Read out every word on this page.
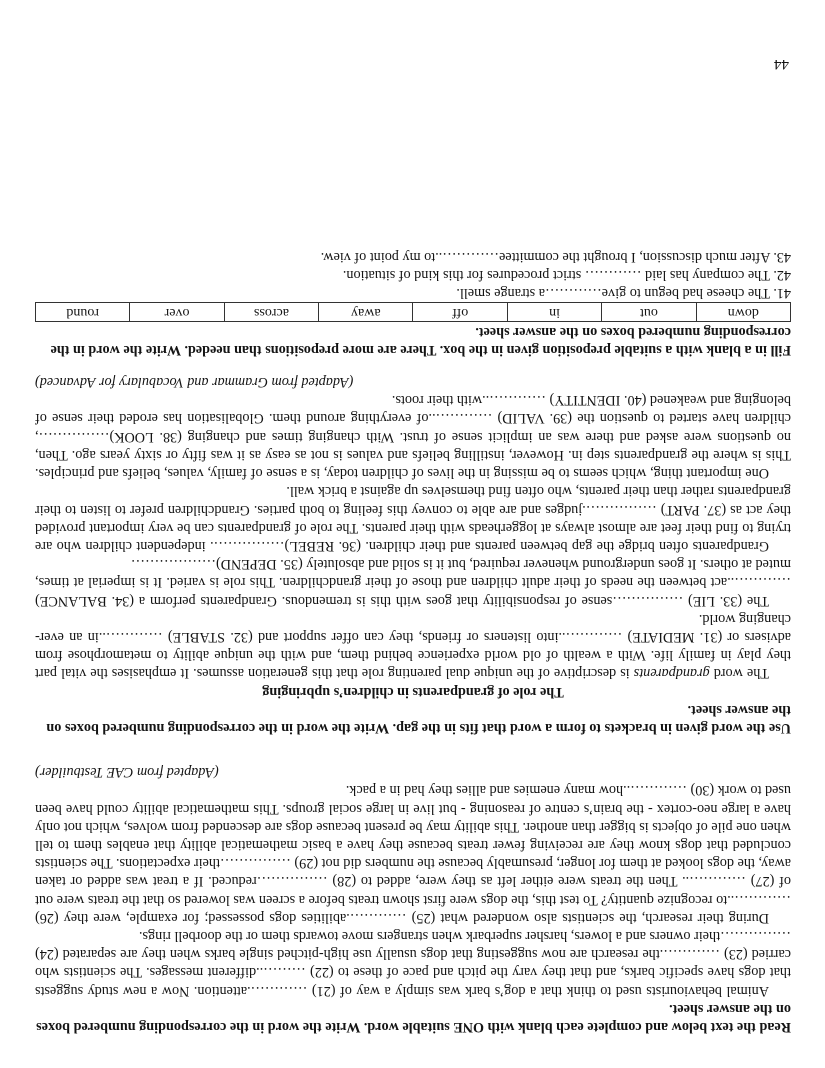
Read the text below and complete each blank with ONE suitable word. Write the word in the corresponding numbered boxes on the answer sheet.

Animal behaviourists used to think that a dog’s bark was simply a way of (21) ………….attention. Now a new study suggests that dogs have specific barks, and that they vary the pitch and pace of these to (22) ………..different messages. The scientists who carried (23) ………….the research are now suggesting that dogs usually use high-pitched single barks when they are separated (24) ……………their owners and a lowers, harsher superbark when strangers move towards them or the doorbell rings.

During their research, the scientists also wondered what (25) ………….abilities dogs possessed; for example, were they (26) …………..to recognize quantity? To test this, the dogs were first shown treats before a screen was lowered so that the treats were out of (27) ………….. Then the treats were either left as they were, added to (28) ……………reduced. If a treat was added or taken away, the dogs looked at them for longer, presumably because the numbers did not (29) ……………their expectations. The scientists concluded that dogs know they are receiving fewer treats because they have a basic mathematical ability that enables them to tell when one pile of objects is bigger than another. This ability may be present because dogs are descended from wolves, which not only have a large neo-cortex - the brain’s centre of reasoning - but live in large social groups. This mathematical ability could have been used to work (30) …………..how many enemies and allies they had in a pack.

(Adapted from CAE Testbuilder)

Use the word given in brackets to form a word that fits in the gap. Write the word in the corresponding numbered boxes on the answer sheet.

The role of grandparents in children’s upbringing

The word grandparents is descriptive of the unique dual parenting role that this generation assumes. It emphasises the vital part they play in family life. With a wealth of old world experience behind them, and with the unique ability to metamorphose from advisers or (31. MEDIATE) …………..into listeners or friends, they can offer support and (32. STABLE) …………..in an ever-changing world.

The (33. LIE) ……………sense of responsibility that goes with this is tremendous. Grandparents perform a (34. BALANCE) …………..act between the needs of their adult children and those of their grandchildren. This role is varied. It is imperial at times, muted at others. It goes underground whenever required, but it is solid and absolutely (35. DEPEND)………………

Grandparents often bridge the gap between parents and their children. (36. REBEL)……………. independent children who are trying to find their feet are almost always at loggerheads with their parents. The role of grandparents can be very important provided they act as (37. PART) …………….judges and are able to convey this feeling to both parties. Grandchildren prefer to listen to their grandparents rather than their parents, who often find themselves up against a brick wall.

One important thing, which seems to be missing in the lives of children today, is a sense of family, values, beliefs and principles. This is where the grandparents step in. However, instilling beliefs and values is not as easy as it was fifty or sixty years ago. Then, no questions were asked and there was an implicit sense of trust. With changing times and changing (38. LOOK)……………, children have started to question the (39. VALID) …………..of everything around them. Globalisation has eroded their sense of belonging and weakened (40. IDENTITY) …………..with their roots.

(Adapted from Grammar and Vocabulary for Advanced)

Fill in a blank with a suitable preposition given in the box. There are more prepositions than needed. Write the word in the corresponding numbered boxes on the answer sheet.

down	out	in	off	away	across	over	round

41. The cheese had begun to give…………a strange smell.

42. The company has laid ………… strict procedures for this kind of situation.

43. After much discussion, I brought the committee…………..to my point of view.

44
